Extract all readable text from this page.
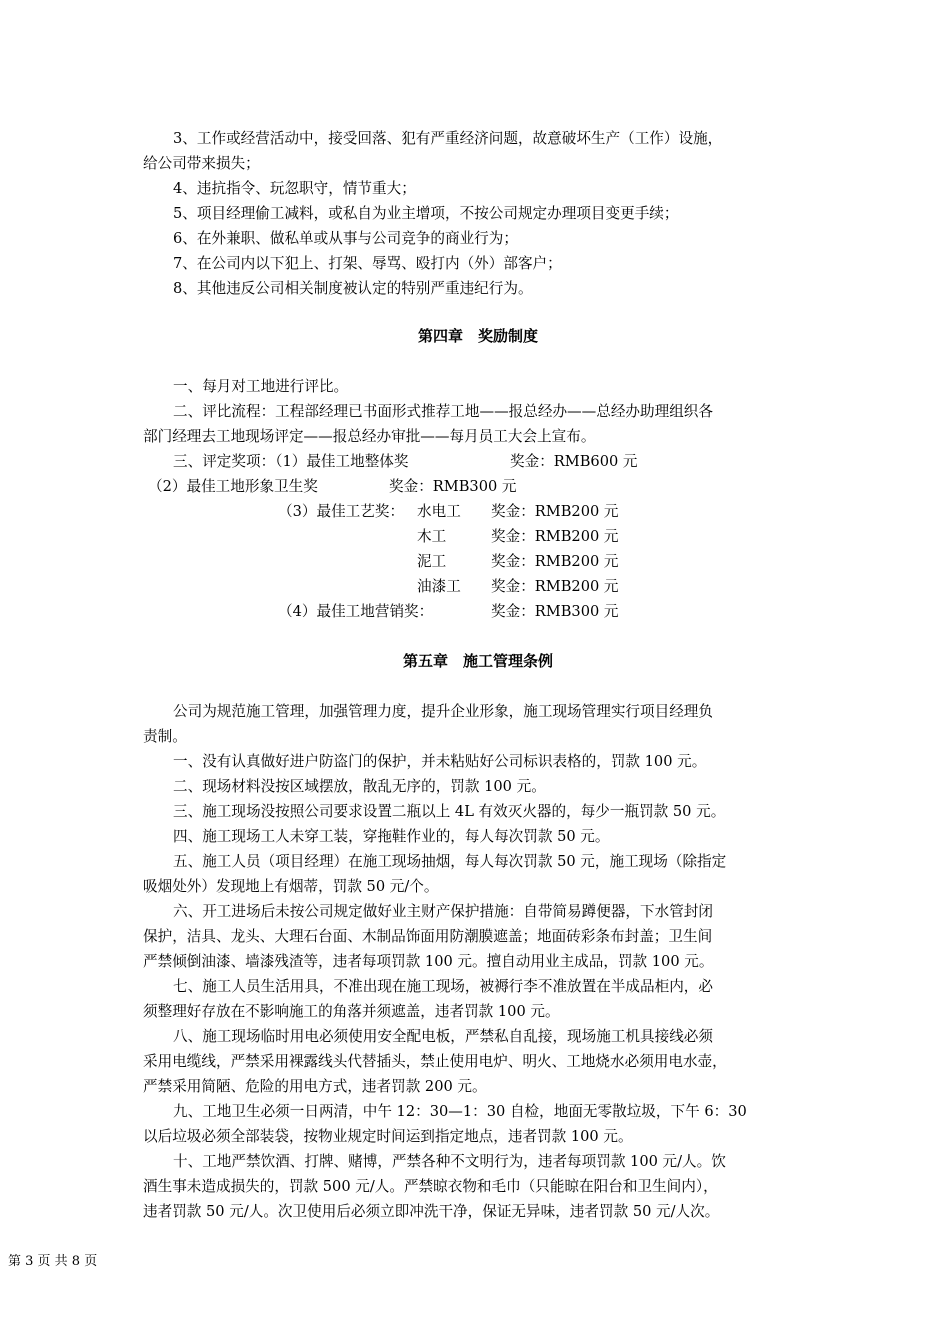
3、工作或经营活动中，接受回落、犯有严重经济问题，故意破坏生产（工作）设施，
给公司带来损失；
4、违抗指令、玩忽职守，情节重大；
5、项目经理偷工减料，或私自为业主增项，不按公司规定办理项目变更手续；
6、在外兼职、做私单或从事与公司竞争的商业行为；
7、在公司内以下犯上、打架、辱骂、殴打内（外）部客户；
8、其他违反公司相关制度被认定的特别严重违纪行为。
第四章　奖励制度
一、每月对工地进行评比。
二、评比流程：工程部经理已书面形式推荐工地——报总经办——总经办助理组织各
部门经理去工地现场评定——报总经办审批——每月员工大会上宣布。
三、评定奖项：（1）最佳工地整体奖	奖金：RMB600 元
（2）最佳工地形象卫生奖	奖金：RMB300 元
（3）最佳工艺奖： 水电工 奖金：RMB200 元
木工	奖金：RMB200 元
泥工	奖金：RMB200 元
油漆工 奖金：RMB200 元
（4）最佳工地营销奖：	奖金：RMB300 元
第五章　施工管理条例
公司为规范施工管理，加强管理力度，提升企业形象，施工现场管理实行项目经理负
责制。
一、没有认真做好进户防盗门的保护，并未粘贴好公司标识表格的，罚款 100 元。
二、现场材料没按区域摆放，散乱无序的，罚款 100 元。
三、施工现场没按照公司要求设置二瓶以上 4L 有效灭火器的，每少一瓶罚款 50 元。
四、施工现场工人未穿工装，穿拖鞋作业的，每人每次罚款 50 元。
五、施工人员（项目经理）在施工现场抽烟，每人每次罚款 50 元，施工现场（除指定
吸烟处外）发现地上有烟蒂，罚款 50 元/个。
六、开工进场后未按公司规定做好业主财产保护措施：自带简易蹲便器，下水管封闭
保护，洁具、龙头、大理石台面、木制品饰面用防潮膜遮盖；地面砖彩条布封盖；卫生间
严禁倾倒油漆、墙漆残渣等，违者每项罚款 100 元。擅自动用业主成品，罚款 100 元。
七、施工人员生活用具，不准出现在施工现场，被褥行李不准放置在半成品柜内，必
须整理好存放在不影响施工的角落并须遮盖，违者罚款 100 元。
八、施工现场临时用电必须使用安全配电板，严禁私自乱接，现场施工机具接线必须
采用电缆线，严禁采用裸露线头代替插头，禁止使用电炉、明火、工地烧水必须用电水壶，
严禁采用简陋、危险的用电方式，违者罚款 200 元。
九、工地卫生必须一日两清，中午 12：30—1：30 自检，地面无零散垃圾，下午 6：30
以后垃圾必须全部装袋，按物业规定时间运到指定地点，违者罚款 100 元。
十、工地严禁饮酒、打牌、赌博，严禁各种不文明行为，违者每项罚款 100 元/人。饮
酒生事未造成损失的，罚款 500 元/人。严禁晾衣物和毛巾（只能晾在阳台和卫生间内），
违者罚款 50 元/人。次卫使用后必须立即冲洗干净，保证无异味，违者罚款 50 元/人次。
第 3 页 共 8 页
